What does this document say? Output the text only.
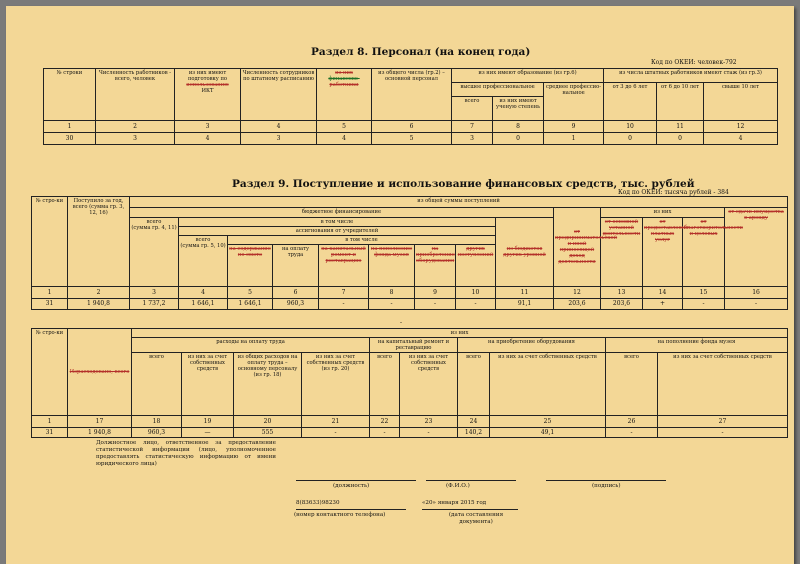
Раздел 8. Персонал (на конец года)
Код по ОКЕИ: человек-792
№ строки	Численность работников - всего, человек	из них имеют подготовку по
использованию
ИКТ	Численность сотрудников по штатному расписанию	из них
финансово-
работники	из общего числа (гр.2) – основной персонал	из них имеют образование (из гр.6)			из числа штатных работников имеют стаж (из гр.3)		
						высшее профессиональное		среднее профессио-нальное	от 3 до 6 лет	от 6 до 10 лет	свыше 10 лет
						всего	из них имеют ученую степень				
1	2	3	4	5	6	7	8	9	10	11	12
30	3	4	3	4	5	3	0	1	0	0	4
Раздел 9. Поступление и использование финансовых средств, тыс. рублей
Код по ОКЕИ: тысяча рублей - 384
№ стро-ки	Поступило за год, всего (сумма гр. 3, 12, 16)	из общей суммы поступлений													
		бюджетное финансирование									от предпринимательской и иной приносящей доход деятельности	из них			от сдачи имущества в аренду
		всего
(сумма гр. 4, 11)	в том числе							из бюджетов других уровней		от основной уставной деятельности	от предоставления платных услуг	от благотворительности и целевых	
			ассигнования от учредителей												
			всего
(сумма гр. 5, 10)	в том числе											
				на содержание по смете	на оплату труда	на капитальный ремонт и реставрацию	на пополнение фонда музея	на приобретение оборудования	других поступлений						
1	2	3	4	5	6	7	8	9	10	11	12	13	14	15	16
31	1 940,8	1 737,2	1 646,1	1 646,1	960,3	-	-	-	-	91,1	203,6	203,6	+	-	-
-
№ стро-ки	Израсходовано, всего	из них									
		расходы на оплату труда				на капитальный ремонт и реставрацию		на приобретение оборудования		на пополнение фонда музея	
		всего	из них за счет собственных средств	из общих расходов на оплату труда – основному персоналу (из гр. 18)	из них за счет собственных средств (из гр. 20)	всего	из них за счет собственных средств	всего	из них за счет собственных средств	всего	из них за счет собственных средств

1	17	18	19	20	21	22	23	24	25	26	27
31	1 940,8	960,3	—	555	-	-	-	140,2	49,1	-	-
Должностное лицо, ответственное за предоставление статистической информации (лицо, уполномоченное предоставлять статистическую информацию от имени юридического лица)
(должность)	(Ф.И.О.)	(подпись)
8(83633)98230
(номер контактного телефона)
«20» января 2015 год
(дата составления документа)
